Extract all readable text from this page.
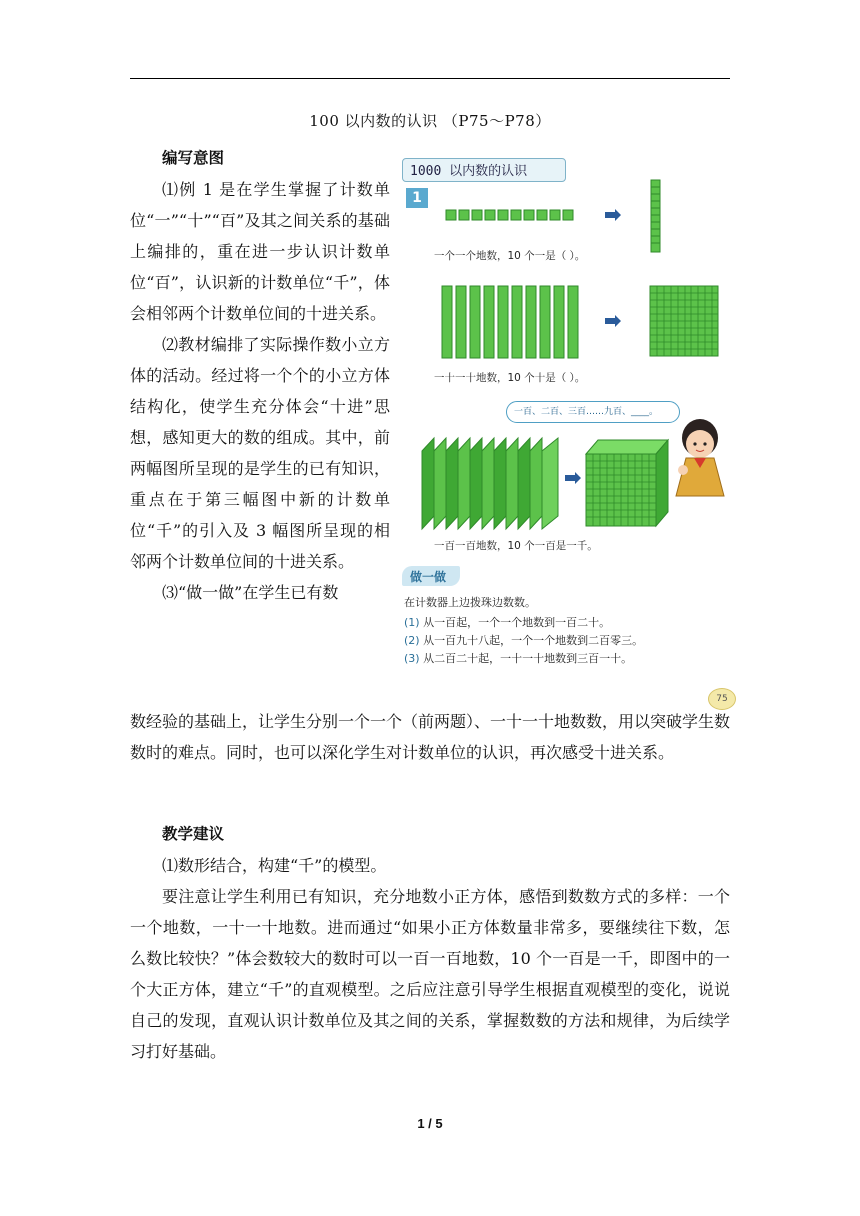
100 以内数的认识 （P75～P78）
编写意图

⑴例 1 是在学生掌握了计数单位“一”“十”“百”及其之间关系的基础上编排的，重在进一步认识计数单位“百”，认识新的计数单位“千”，体会相邻两个计数单位间的十进关系。

⑵教材编排了实际操作数小立方体的活动。经过将一个个的小立方体结构化，使学生充分体会“十进”思想，感知更大的数的组成。其中，前两幅图所呈现的是学生的已有知识，重点在于第三幅图中新的计数单位“千”的引入及 3 幅图所呈现的相邻两个计数单位间的十进关系。

⑶“做一做”在学生已有数

数经验的基础上，让学生分别一个一个（前两题）、一十一十地数数，用以突破学生数数时的难点。同时，也可以深化学生对计数单位的认识，再次感受十进关系。

教学建议

⑴数形结合，构建“千”的模型。

要注意让学生利用已有知识，充分地数小正方体，感悟到数数方式的多样：一个一个地数，一十一十地数。进而通过“如果小正方体数量非常多，要继续往下数，怎么数比较快？”体会数较大的数时可以一百一百地数，10 个一百是一千，即图中的一个大正方体，建立“千”的直观模型。之后应注意引导学生根据直观模型的变化，说说自己的发现，直观认识计数单位及其之间的关系，掌握数数的方法和规律，为后续学习打好基础。

1 / 5
1000 以内数的认识
1
一个一个地数，10 个一是（ ）。
一十一十地数，10 个十是（ ）。
一百、二百、三百……九百、____。
一百一百地数，10 个一百是一千。
做一做
在计数器上边拨珠边数数。
(1) 从一百起，一个一个地数到一百二十。
(2) 从一百九十八起，一个一个地数到二百零三。
(3) 从二百二十起，一十一十地数到三百一十。
75
